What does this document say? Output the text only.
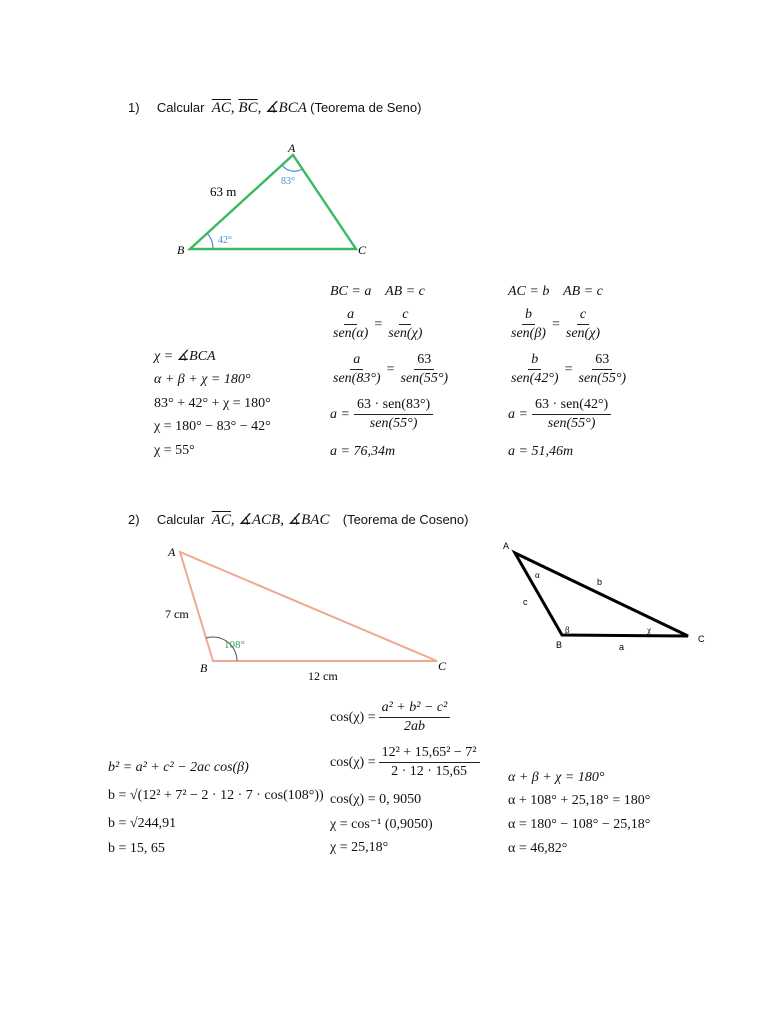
1) Calcular $\overline{AC}$, $\overline{BC}$, ∡BCA (Teorema de Seno)
A
B	C
63 m
83°
42°
χ = ∡BCA
α + β + χ = 180°
83° + 42° + χ = 180°
χ = 180° − 83° − 42°
χ = 55°
BC = a    AB = c
$\frac{a}{\text{sen(α)}} = \frac{c}{\text{sen(χ)}}$
$\frac{a}{\text{sen(83°)}} = \frac{63}{\text{sen(55°)}}$
$a = \frac{\text{63 · sen(83°)}}{\text{sen(55°)}}$
a = 76,34m
AC = b    AB = c
$\frac{b}{\text{sen(β)}} = \frac{c}{\text{sen(χ)}}$
$\frac{b}{\text{sen(42°)}} = \frac{63}{\text{sen(55°)}}$
$a = \frac{\text{63 · sen(42°)}}{\text{sen(55°)}}$
a = 51,46m
2) Calcular $\overline{AC}$, ∡ACB, ∡BAC (Teorema de Coseno)
A
B	C
7 cm
12 cm
108°
A
B
C
a
b
c
α
β	χ
$\cos(\chi) = \frac{\text{a² + b² − c²}}{2ab}$
$\cos(\chi) = \frac{\text{12² + 15,65² − 7²}}{2 \cdot 12 \cdot 15,65}$
cos(χ) = 0, 9050
χ = cos⁻¹ (0,9050)
χ = 25,18°
b² = a² + c² − 2ac cos(β)
b = √(12² + 7² − 2 · 12 · 7 · cos(108°))
b = √244,91
b = 15, 65
α + β + χ = 180°
α + 108° + 25,18° = 180°
α = 180° − 108° − 25,18°
α = 46,82°
